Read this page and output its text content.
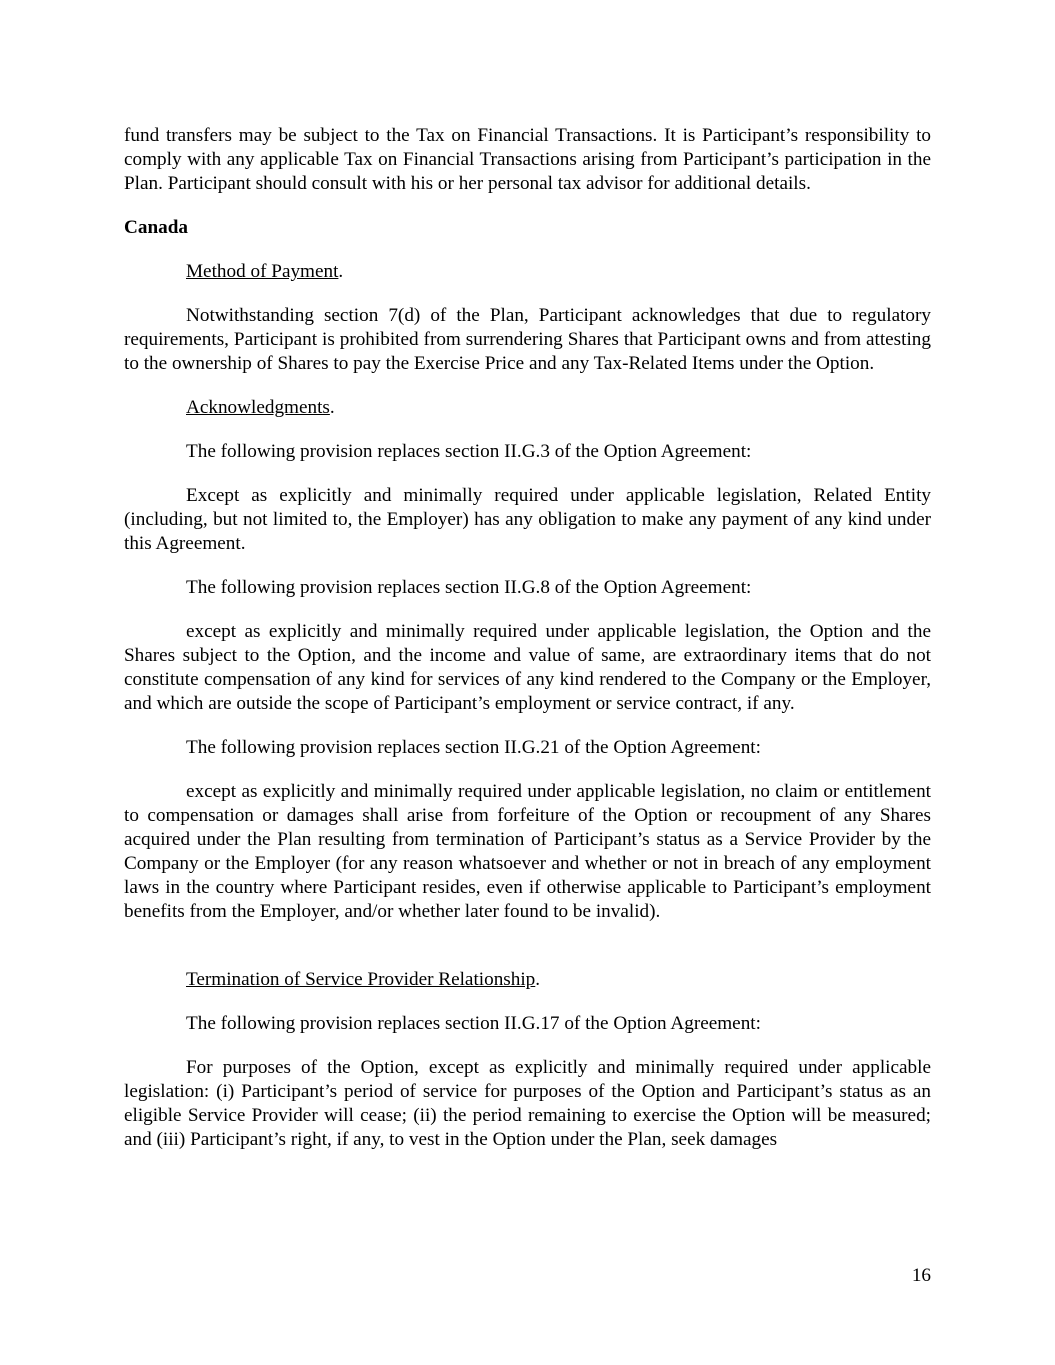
fund transfers may be subject to the Tax on Financial Transactions. It is Participant’s responsibility to comply with any applicable Tax on Financial Transactions arising from Participant’s participation in the Plan. Participant should consult with his or her personal tax advisor for additional details.

Canada

Method of Payment.

Notwithstanding section 7(d) of the Plan, Participant acknowledges that due to regulatory requirements, Participant is prohibited from surrendering Shares that Participant owns and from attesting to the ownership of Shares to pay the Exercise Price and any Tax-Related Items under the Option.

Acknowledgments.

The following provision replaces section II.G.3 of the Option Agreement:

Except as explicitly and minimally required under applicable legislation, Related Entity (including, but not limited to, the Employer) has any obligation to make any payment of any kind under this Agreement.

The following provision replaces section II.G.8 of the Option Agreement:

except as explicitly and minimally required under applicable legislation, the Option and the Shares subject to the Option, and the income and value of same, are extraordinary items that do not constitute compensation of any kind for services of any kind rendered to the Company or the Employer, and which are outside the scope of Participant’s employment or service contract, if any.

The following provision replaces section II.G.21 of the Option Agreement:

except as explicitly and minimally required under applicable legislation, no claim or entitlement to compensation or damages shall arise from forfeiture of the Option or recoupment of any Shares acquired under the Plan resulting from termination of Participant’s status as a Service Provider by the Company or the Employer (for any reason whatsoever and whether or not in breach of any employment laws in the country where Participant resides, even if otherwise applicable to Participant’s employment benefits from the Employer, and/or whether later found to be invalid).

Termination of Service Provider Relationship.

The following provision replaces section II.G.17 of the Option Agreement:

For purposes of the Option, except as explicitly and minimally required under applicable legislation: (i) Participant’s period of service for purposes of the Option and Participant’s status as an eligible Service Provider will cease; (ii) the period remaining to exercise the Option will be measured; and (iii) Participant’s right, if any, to vest in the Option under the Plan, seek damages

16
